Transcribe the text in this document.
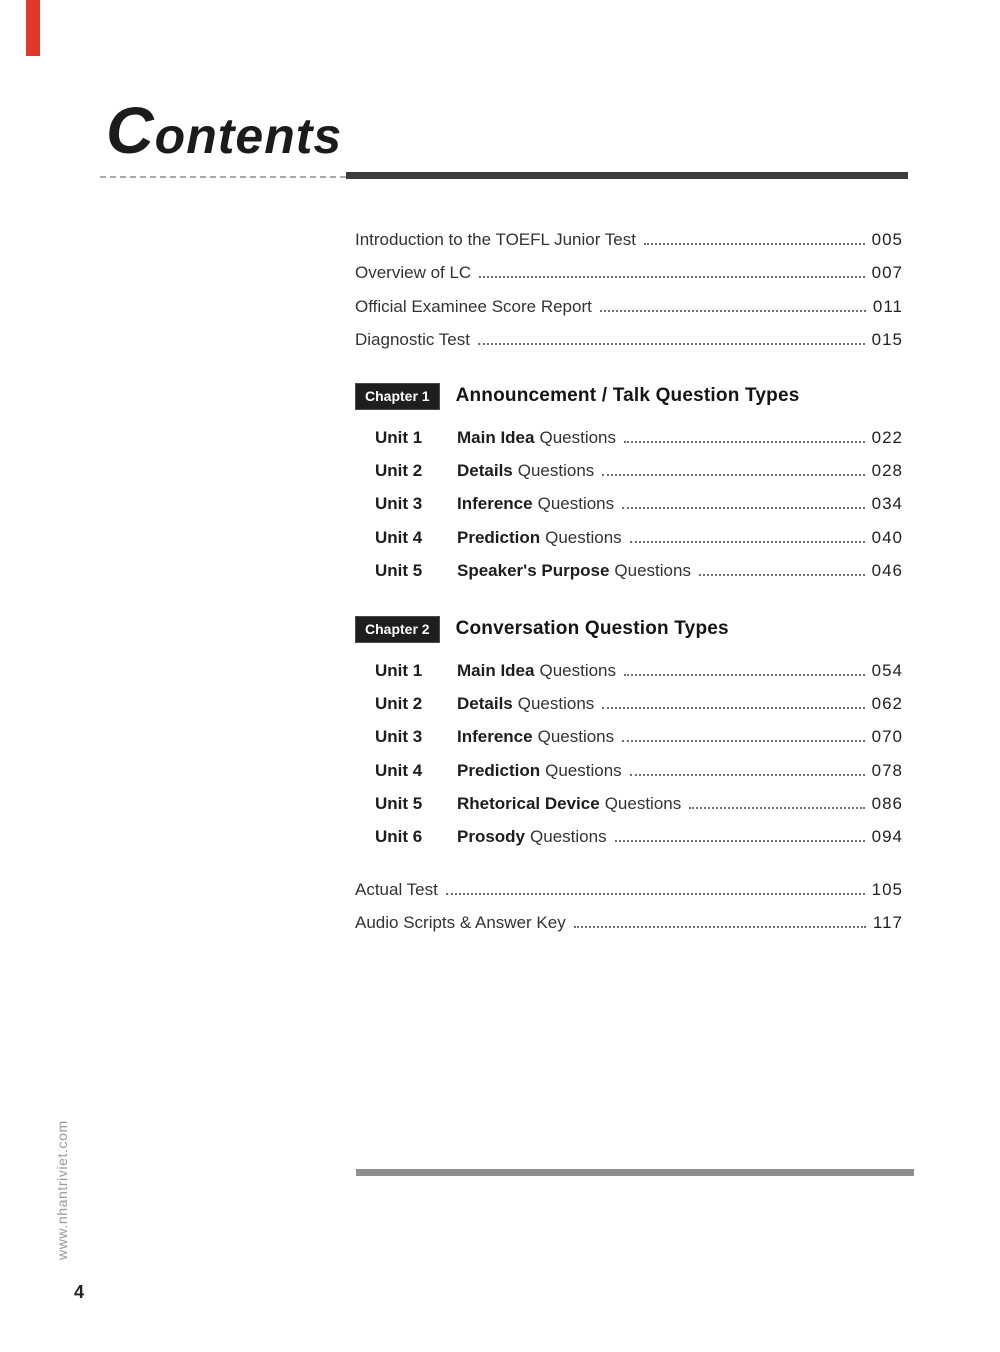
Contents
Introduction to the TOEFL Junior Test	005
Overview of LC	007
Official Examinee Score Report	011
Diagnostic Test	015
Chapter 1	Announcement / Talk Question Types
Unit 1	Main Idea Questions	022
Unit 2	Details Questions	028
Unit 3	Inference Questions	034
Unit 4	Prediction Questions	040
Unit 5	Speaker's Purpose Questions	046
Chapter 2	Conversation Question Types
Unit 1	Main Idea Questions	054
Unit 2	Details Questions	062
Unit 3	Inference Questions	070
Unit 4	Prediction Questions	078
Unit 5	Rhetorical Device Questions	086
Unit 6	Prosody Questions	094
Actual Test	105
Audio Scripts & Answer Key	117
www.nhantriviet.com
4
